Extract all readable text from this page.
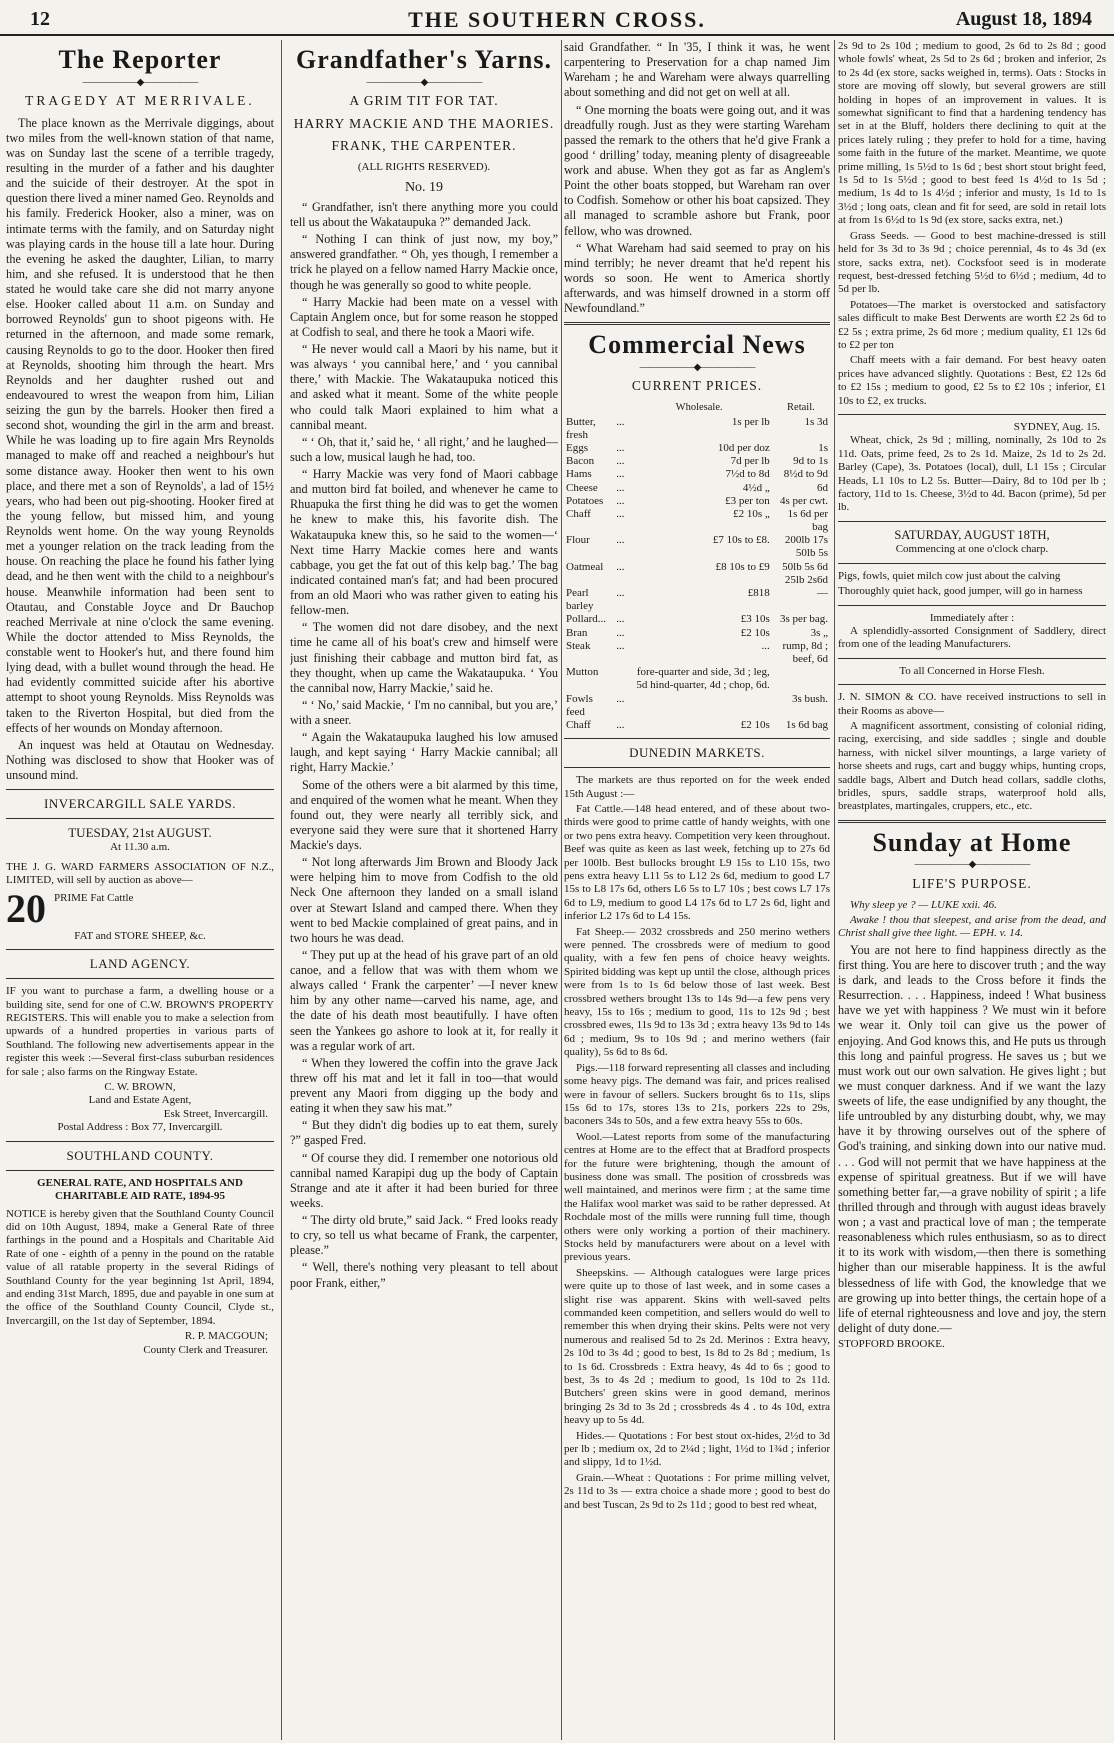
12	THE SOUTHERN CROSS.	August 18, 1894
The Reporter
——————◆——————
TRAGEDY AT MERRIVALE.

The place known as the Merrivale diggings, about two miles from the well-known station of that name, was on Sunday last the scene of a terrible tragedy, resulting in the murder of a father and his daughter and the suicide of their destroyer. At the spot in question there lived a miner named Geo. Reynolds and his family. Frederick Hooker, also a miner, was on intimate terms with the family, and on Saturday night was playing cards in the house till a late hour. During the evening he asked the daughter, Lilian, to marry him, and she refused. It is understood that he then stated he would take care she did not marry anyone else. Hooker called about 11 a.m. on Sunday and borrowed Reynolds' gun to shoot pigeons with. He returned in the afternoon, and made some remark, causing Reynolds to go to the door. Hooker then fired at Reynolds, shooting him through the heart. Mrs Reynolds and her daughter rushed out and endeavoured to wrest the weapon from him, Lilian seizing the gun by the barrels. Hooker then fired a second shot, wounding the girl in the arm and breast. While he was loading up to fire again Mrs Reynolds managed to make off and reached a neighbour's hut some distance away. Hooker then went to his own place, and there met a son of Reynolds', a lad of 15½ years, who had been out pig-shooting. Hooker fired at the young fellow, but missed him, and young Reynolds went home. On the way young Reynolds met a younger relation on the track leading from the house. On reaching the place he found his father lying dead, and he then went with the child to a neighbour's house. Meanwhile information had been sent to Otautau, and Constable Joyce and Dr Bauchop reached Merrivale at nine o'clock the same evening. While the doctor attended to Miss Reynolds, the constable went to Hooker's hut, and there found him lying dead, with a bullet wound through the head. He had evidently committed suicide after his abortive attempt to shoot young Reynolds. Miss Reynolds was taken to the Riverton Hospital, but died from the effects of her wounds on Monday afternoon.

An inquest was held at Otautau on Wednesday. Nothing was disclosed to show that Hooker was of unsound mind.

INVERCARGILL SALE YARDS.
TUESDAY, 21st AUGUST.
At 11.30 a.m.

THE J. G. WARD FARMERS ASSOCIATION OF N.Z., LIMITED, will sell by auction as above—

20 PRIME Fat Cattle
FAT and STORE SHEEP, &c.
LAND AGENCY.

IF you want to purchase a farm, a dwelling house or a building site, send for one of C.W. BROWN'S PROPERTY REGISTERS. This will enable you to make a selection from upwards of a hundred properties in various parts of Southland. The following new advertisements appear in the register this week :—Several first-class suburban residences for sale ; also farms on the Ringway Estate.

C. W. BROWN,
Land and Estate Agent,
Esk Street, Invercargill.
Postal Address : Box 77, Invercargill.
SOUTHLAND COUNTY.
GENERAL RATE, AND HOSPITALS AND CHARITABLE AID RATE, 1894-95

NOTICE is hereby given that the Southland County Council did on 10th August, 1894, make a General Rate of three farthings in the pound and a Hospitals and Charitable Aid Rate of one - eighth of a penny in the pound on the ratable value of all ratable property in the several Ridings of Southland County for the year beginning 1st April, 1894, and ending 31st March, 1895, due and payable in one sum at the office of the Southland County Council, Clyde st., Invercargill, on the 1st day of September, 1894.

R. P. MACGOUN;
County Clerk and Treasurer.
Grandfather's Yarns.
——————◆——————
A GRIM TIT FOR TAT.
HARRY MACKIE AND THE MAORIES.
FRANK, THE CARPENTER.
(ALL RIGHTS RESERVED).
No. 19

“ Grandfather, isn't there anything more you could tell us about the Wakataupuka ?” demanded Jack.

“ Nothing I can think of just now, my boy,” answered grandfather. “ Oh, yes though, I remember a trick he played on a fellow named Harry Mackie once, though he was generally so good to white people.

“ Harry Mackie had been mate on a vessel with Captain Anglem once, but for some reason he stopped at Codfish to seal, and there he took a Maori wife.

“ He never would call a Maori by his name, but it was always ‘ you cannibal here,’ and ‘ you cannibal there,’ with Mackie. The Wakataupuka noticed this and asked what it meant. Some of the white people who could talk Maori explained to him what a cannibal meant.

“ ‘ Oh, that it,’ said he, ‘ all right,’ and he laughed—such a low, musical laugh he had, too.

“ Harry Mackie was very fond of Maori cabbage and mutton bird fat boiled, and whenever he came to Rhuapuka the first thing he did was to get the women he knew to make this, his favorite dish. The Wakataupuka knew this, so he said to the women—‘ Next time Harry Mackie comes here and wants cabbage, you get the fat out of this kelp bag.’ The bag indicated contained man's fat; and had been procured from an old Maori who was rather given to eating his fellow-men.

“ The women did not dare disobey, and the next time he came all of his boat's crew and himself were just finishing their cabbage and mutton bird fat, as they thought, when up came the Wakataupuka. ‘ You the cannibal now, Harry Mackie,’ said he.

“ ‘ No,’ said Mackie, ‘ I'm no cannibal, but you are,’ with a sneer.

“ Again the Wakataupuka laughed his low amused laugh, and kept saying ‘ Harry Mackie cannibal; all right, Harry Mackie.’

Some of the others were a bit alarmed by this time, and enquired of the women what he meant. When they found out, they were nearly all terribly sick, and everyone said they were sure that it shortened Harry Mackie's days.

“ Not long afterwards Jim Brown and Bloody Jack were helping him to move from Codfish to the old Neck One afternoon they landed on a small island over at Stewart Island and camped there. When they went to bed Mackie complained of great pains, and in two hours he was dead.

“ They put up at the head of his grave part of an old canoe, and a fellow that was with them whom we always called ‘ Frank the carpenter’ —I never knew him by any other name—carved his name, age, and the date of his death most beautifully. I have often seen the Yankees go ashore to look at it, for really it was a regular work of art.

“ When they lowered the coffin into the grave Jack threw off his mat and let it fall in too—that would prevent any Maori from digging up the body and eating it when they saw his mat.”

“ But they didn't dig bodies up to eat them, surely ?” gasped Fred.

“ Of course they did. I remember one notorious old cannibal named Karapipi dug up the body of Captain Strange and ate it after it had been buried for three weeks.

“ The dirty old brute,” said Jack. “ Fred looks ready to cry, so tell us what became of Frank, the carpenter, please.”

“ Well, there's nothing very pleasant to tell about poor Frank, either,”

said Grandfather. “ In '35, I think it was, he went carpentering to Preservation for a chap named Jim Wareham ; he and Wareham were always quarrelling about something and did not get on well at all.

“ One morning the boats were going out, and it was dreadfully rough. Just as they were starting Wareham passed the remark to the others that he'd give Frank a good ‘ drilling’ today, meaning plenty of disagreeable work and abuse. When they got as far as Anglem's Point the other boats stopped, but Wareham ran over to Codfish. Somehow or other his boat capsized. They all managed to scramble ashore but Frank, poor fellow, who was drowned.

“ What Wareham had said seemed to pray on his mind terribly; he never dreamt that he'd repent his words so soon. He went to America shortly afterwards, and was himself drowned in a storm off Newfoundland.”

Commercial News
——————◆——————
CURRENT PRICES.
		Wholesale.	Retail.
Butter, fresh	...	1s per lb	1s 3d
Eggs	...	10d per doz	1s
Bacon	...	7d per lb	9d to 1s
Hams	...	7½d to 8d	8½d to 9d
Cheese	...	4½d „	6d
Potatoes	...	£3 per ton	4s per cwt.
Chaff	...	£2 10s „	1s 6d per bag
Flour	...	£7 10s to £8.	200lb 17s 50lb 5s
Oatmeal	...	£8 10s to £9	50lb 5s 6d 25lb 2s6d
Pearl barley	...	£818	—
Pollard...	...	£3 10s	3s per bag.
Bran	...	£2 10s	3s „
Steak	...	...	rump, 8d ; beef, 6d
Mutton		fore-quarter and side, 3d ; leg, 5d hind-quarter, 4d ; chop, 6d.	
Fowls feed	...		3s bush.
Chaff	...	£2 10s	1s 6d bag
DUNEDIN MARKETS.

The markets are thus reported on for the week ended 15th August :—

Fat Cattle.—148 head entered, and of these about two-thirds were good to prime cattle of handy weights, with one or two pens extra heavy. Competition very keen throughout. Beef was quite as keen as last week, fetching up to 27s 6d per 100lb. Best bullocks brought L9 15s to L10 15s, two pens extra heavy L11 5s to L12 2s 6d, medium to good L7 15s to L8 17s 6d, others L6 5s to L7 10s ; best cows L7 17s 6d to L9, medium to good L4 17s 6d to L7 2s 6d, light and inferior L2 17s 6d to L4 15s.

Fat Sheep.— 2032 crossbreds and 250 merino wethers were penned. The crossbreds were of medium to good quality, with a few fen pens of choice heavy weights. Spirited bidding was kept up until the close, although prices were from 1s to 1s 6d below those of last week. Best crossbred wethers brought 13s to 14s 9d—a few pens very heavy, 15s to 16s ; medium to good, 11s to 12s 9d ; best crossbred ewes, 11s 9d to 13s 3d ; extra heavy 13s 9d to 14s 6d ; medium, 9s to 10s 9d ; and merino wethers (fair quality), 5s 6d to 8s 6d.

Pigs.—118 forward representing all classes and including some heavy pigs. The demand was fair, and prices realised were in favour of sellers. Suckers brought 6s to 11s, slips 15s 6d to 17s, stores 13s to 21s, porkers 22s to 29s, baconers 34s to 50s, and a few extra heavy 55s to 60s.

Wool.—Latest reports from some of the manufacturing centres at Home are to the effect that at Bradford prospects for the future were brightening, though the amount of business done was small. The position of crossbreds was well maintained, and merinos were firm ; at the same time the Halifax wool market was said to be rather depressed. At Rochdale most of the mills were running full time, though others were only working a portion of their machinery. Stocks held by manufacturers were about on a level with previous years.

Sheepskins. — Although catalogues were large prices were quite up to those of last week, and in some cases a slight rise was apparent. Skins with well-saved pelts commanded keen competition, and sellers would do well to remember this when drying their skins. Pelts were not very numerous and realised 5d to 2s 2d. Merinos : Extra heavy, 2s 10d to 3s 4d ; good to best, 1s 8d to 2s 8d ; medium, 1s to 1s 6d. Crossbreds : Extra heavy, 4s 4d to 6s ; good to best, 3s to 4s 2d ; medium to good, 1s 10d to 2s 11d. Butchers' green skins were in good demand, merinos bringing 2s 3d to 3s 2d ; crossbreds 4s 4 . to 4s 10d, extra heavy up to 5s 4d.

Hides.— Quotations : For best stout ox-hides, 2½d to 3d per lb ; medium ox, 2d to 2¼d ; light, 1½d to 1¾d ; inferior and slippy, 1d to 1½d.

Grain.—Wheat : Quotations : For prime milling velvet, 2s 11d to 3s — extra choice a shade more ; good to best do and best Tuscan, 2s 9d to 2s 11d ; good to best red wheat,

2s 9d to 2s 10d ; medium to good, 2s 6d to 2s 8d ; good whole fowls' wheat, 2s 5d to 2s 6d ; broken and inferior, 2s to 2s 4d (ex store, sacks weighed in, terms). Oats : Stocks in store are moving off slowly, but several growers are still holding in hopes of an improvement in values. It is somewhat significant to find that a hardening tendency has set in at the Bluff, holders there declining to quit at the prices lately ruling ; they prefer to hold for a time, having some faith in the future of the market. Meantime, we quote prime milling, 1s 5½d to 1s 6d ; best short stout bright feed, 1s 5d to 1s 5½d ; good to best feed 1s 4½d to 1s 5d ; medium, 1s 4d to 1s 4½d ; inferior and musty, 1s 1d to 1s 3½d ; long oats, clean and fit for seed, are sold in retail lots at from 1s 6½d to 1s 9d (ex store, sacks extra, net.)

Grass Seeds. — Good to best machine-dressed is still held for 3s 3d to 3s 9d ; choice perennial, 4s to 4s 3d (ex store, sacks extra, net). Cocksfoot seed is in moderate request, best-dressed fetching 5½d to 6½d ; medium, 4d to 5d per lb.

Potatoes—The market is overstocked and satisfactory sales difficult to make Best Derwents are worth £2 2s 6d to £2 5s ; extra prime, 2s 6d more ; medium quality, £1 12s 6d to £2 per ton

Chaff meets with a fair demand. For best heavy oaten prices have advanced slightly. Quotations : Best, £2 12s 6d to £2 15s ; medium to good, £2 5s to £2 10s ; inferior, £1 10s to £2, ex trucks.

SYDNEY, Aug. 15.

Wheat, chick, 2s 9d ; milling, nominally, 2s 10d to 2s 11d. Oats, prime feed, 2s to 2s 1d. Maize, 2s 1d to 2s 2d. Barley (Cape), 3s. Potatoes (local), dull, L1 15s ; Circular Heads, L1 10s to L2 5s. Butter—Dairy, 8d to 10d per lb ; factory, 11d to 1s. Cheese, 3½d to 4d. Bacon (prime), 5d per lb.

SATURDAY, AUGUST 18TH,
Commencing at one o'clock charp.

Pigs, fowls, quiet milch cow just about the calving

Thoroughly quiet hack, good jumper, will go in harness

Immediately after :

A splendidly-assorted Consignment of Saddlery, direct from one of the leading Manufacturers.

To all Concerned in Horse Flesh.

J. N. SIMON & CO. have received instructions to sell in their Rooms as above—

A magnificent assortment, consisting of colonial riding, racing, exercising, and side saddles ; single and double harness, with nickel silver mountings, a large variety of horse sheets and rugs, cart and buggy whips, hunting crops, saddle bags, Albert and Dutch head collars, saddle cloths, bridles, spurs, saddle straps, waterproof hold alls, breastplates, martingales, cruppers, etc., etc.

Sunday at Home
——————◆——————
LIFE'S PURPOSE.

Why sleep ye ? — LUKE xxii. 46.

Awake ! thou that sleepest, and arise from the dead, and Christ shall give thee light. — EPH. v. 14.

You are not here to find happiness directly as the first thing. You are here to discover truth ; and the way is dark, and leads to the Cross before it finds the Resurrection. . . . Happiness, indeed ! What business have we yet with happiness ? We must win it before we wear it. Only toil can give us the power of enjoying. And God knows this, and He puts us through this long and painful progress. He saves us ; but we must work out our own salvation. He gives light ; but we must conquer darkness. And if we want the lazy sweets of life, the ease undignified by any thought, the life untroubled by any disturbing doubt, why, we may have it by throwing ourselves out of the sphere of God's training, and sinking down into our native mud. . . . God will not permit that we have happiness at the expense of spiritual greatness. But if we will have something better far,—a grave nobility of spirit ; a life thrilled through and through with august ideas bravely won ; a vast and practical love of man ; the temperate reasonableness which rules enthusiasm, so as to direct it to its work with wisdom,—then there is something higher than our miserable happiness. It is the awful blessedness of life with God, the knowledge that we are growing up into better things, the certain hope of a life of eternal righteousness and love and joy, the stern delight of duty done.—

STOPFORD BROOKE.
